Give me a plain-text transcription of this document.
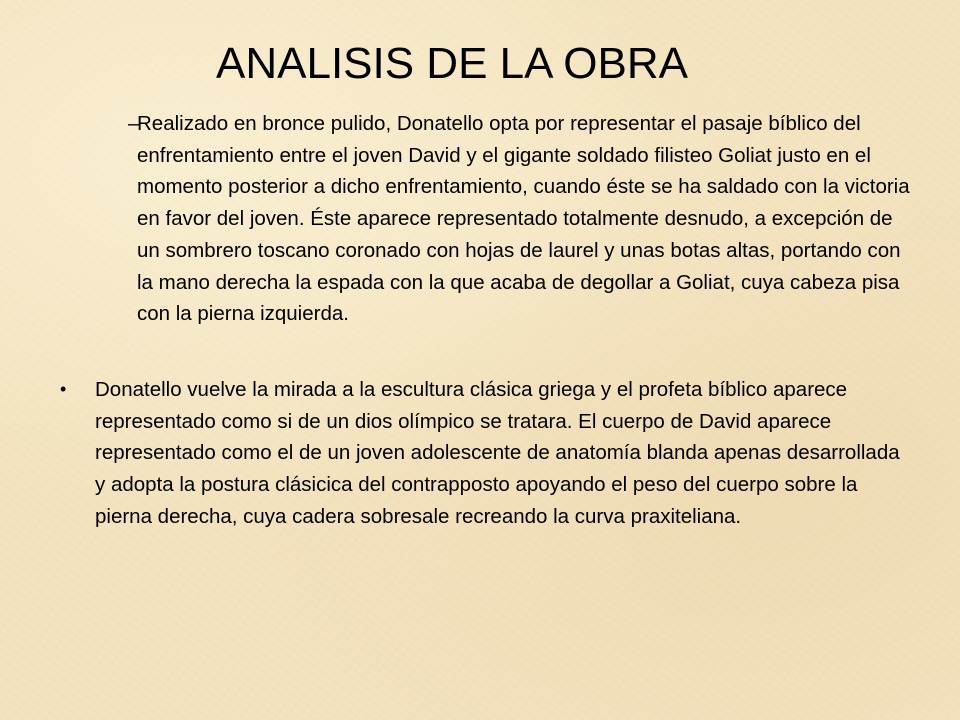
ANALISIS DE LA OBRA
–
Realizado en bronce pulido, Donatello opta por representar el pasaje bíblico del enfrentamiento entre el joven David y el gigante soldado filisteo Goliat justo en el momento posterior a dicho enfrentamiento, cuando éste se ha saldado con la victoria en favor del joven. Éste aparece representado totalmente desnudo, a excepción de un sombrero toscano coronado con hojas de laurel y unas botas altas, portando con la mano derecha la espada con la que acaba de degollar a Goliat, cuya cabeza pisa con la pierna izquierda.
• Donatello vuelve la mirada a la escultura clásica griega y el profeta bíblico aparece representado como si de un dios olímpico se tratara. El cuerpo de David aparece representado como el de un joven adolescente de anatomía blanda apenas desarrollada y adopta la postura clásicica del contrapposto apoyando el peso del cuerpo sobre la pierna derecha, cuya cadera sobresale recreando la curva praxiteliana.
